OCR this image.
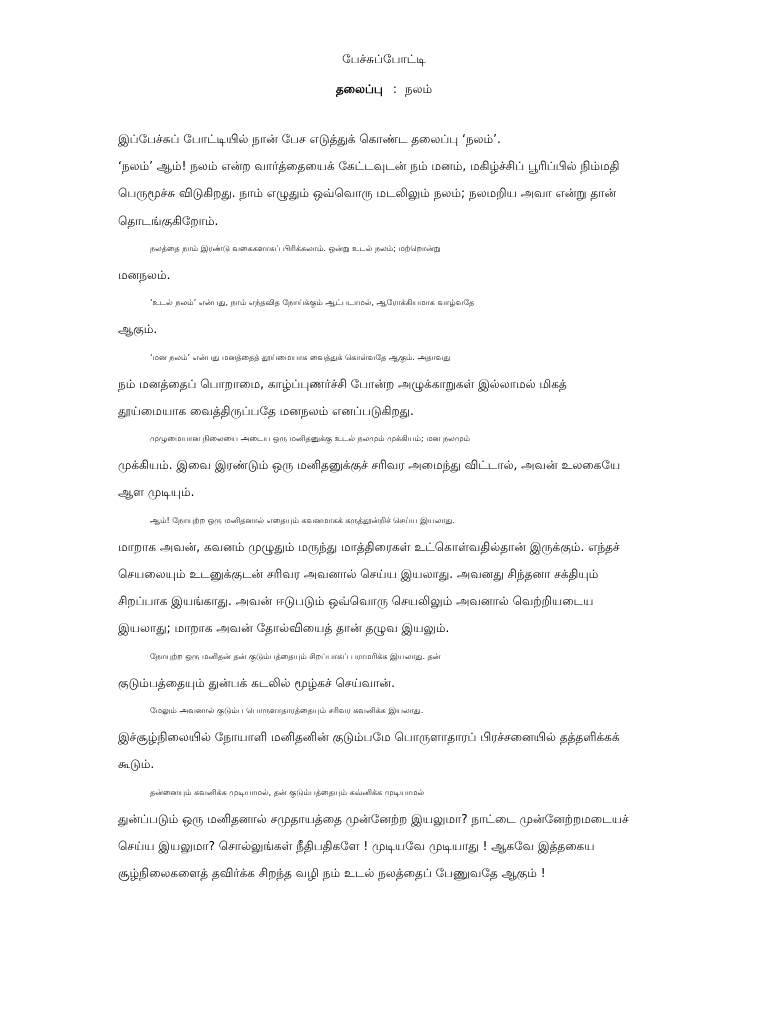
பேச்சுப்போட்டி
தலைப்பு : நலம்
இப்பேச்சுப் போட்டியில் நான் பேச எடுத்துக் கொண்ட தலைப்பு ‘நலம்’.
‘நலம்’ ஆம்! நலம் என்ற வார்த்தையைக் கேட்டவுடன் நம் மனம், மகிழ்ச்சிப் பூரிப்பில் நிம்மதி
பெருமூச்சு விடுகிறது. நாம் எழுதும் ஒவ்வொரு மடலிலும் நலம்; நலமறிய அவா என்று தான்
தொடங்குகிறோம்.
நலத்தை நாம் இரண்டு வகைகளாகப் பிரிக்கலாம். ஒன்று உடல் நலம்; மற்றொன்று
மனநலம்.
‘உடல் நலம்’ என்பது, நாம் எந்தவித நோய்க்கும் ஆட்படாமல், ஆரோக்கியமாக வாழ்வதே
ஆகும்.
‘மன நலம்’ என்பது மனத்தைத் தூய்மையாக வைத்துக் கொள்வதே ஆகும். அதாவது
நம் மனத்தைப் பொறாமை, காழ்ப்புணர்ச்சி போன்ற அழுக்காறுகள் இல்லாமல் மிகத்
தூய்மையாக வைத்திருப்பதே மனநலம் எனப்படுகிறது.
முழுமையான நிலையை அடைய ஒரு மனிதனுக்கு உடல் நலமும் முக்கியம்; மன நலமும்
முக்கியம். இவை இரண்டும் ஒரு மனிதனுக்குச் சரிவர அமைந்து விட்டால், அவன் உலகையே
ஆள முடியும்.
ஆம்! நோயுற்ற ஒரு மனிதனால் எதையும் கவனமாகக் கருத்தூன்றிச் செய்ய இயலாது.
மாறாக அவன், கவனம் முழுதும் மருந்து மாத்திரைகள் உட்கொள்வதில்தான் இருக்கும். எந்தச்
செயலையும் உடனுக்குடன் சரிவர அவனால் செய்ய இயலாது. அவனது சிந்தனா சக்தியும்
சிறப்பாக இயங்காது. அவன் ஈடுபடும் ஒவ்வொரு செயலிலும் அவனால் வெற்றியடைய
இயலாது; மாறாக அவன் தோல்வியைத் தான் தழுவ இயலும்.
நோயுற்ற ஒரு மனிதன் தன் குடும்பத்தையும் சிறப்பாகப் பராமரிக்க இயலாது. தன்
குடும்பத்தையும் துன்பக் கடலில் மூழ்கச் செய்வான்.
மேலும் அவனால் குடும்ப பொருளாதாரத்தையும் சரிவர கவனிக்க இயலாது.
இச்சூழ்நிலையில் நோயாளி மனிதனின் குடும்பமே பொருளாதாரப் பிரச்சனையில் தத்தளிக்கக்
கூடும்.
தன்னையும் கவனிக்க முடியாமல், தன் குடும்பத்தையும் கவ்னிக்க முடியாமல்
துன்ப்படும் ஒரு மனிதனால் சமுதாயத்தை முன்னேற்ற இயலுமா? நாட்டை முன்னேற்றமடையச்
செய்ய இயலுமா? சொல்லுங்கள் நீதிபதிகளே ! முடியவே முடியாது ! ஆகவே இத்தகைய
சூழ்நிலைகளைத் தவிர்க்க சிறந்த வழி நம் உடல் நலத்தைப் பேணுவதே ஆகும் !
